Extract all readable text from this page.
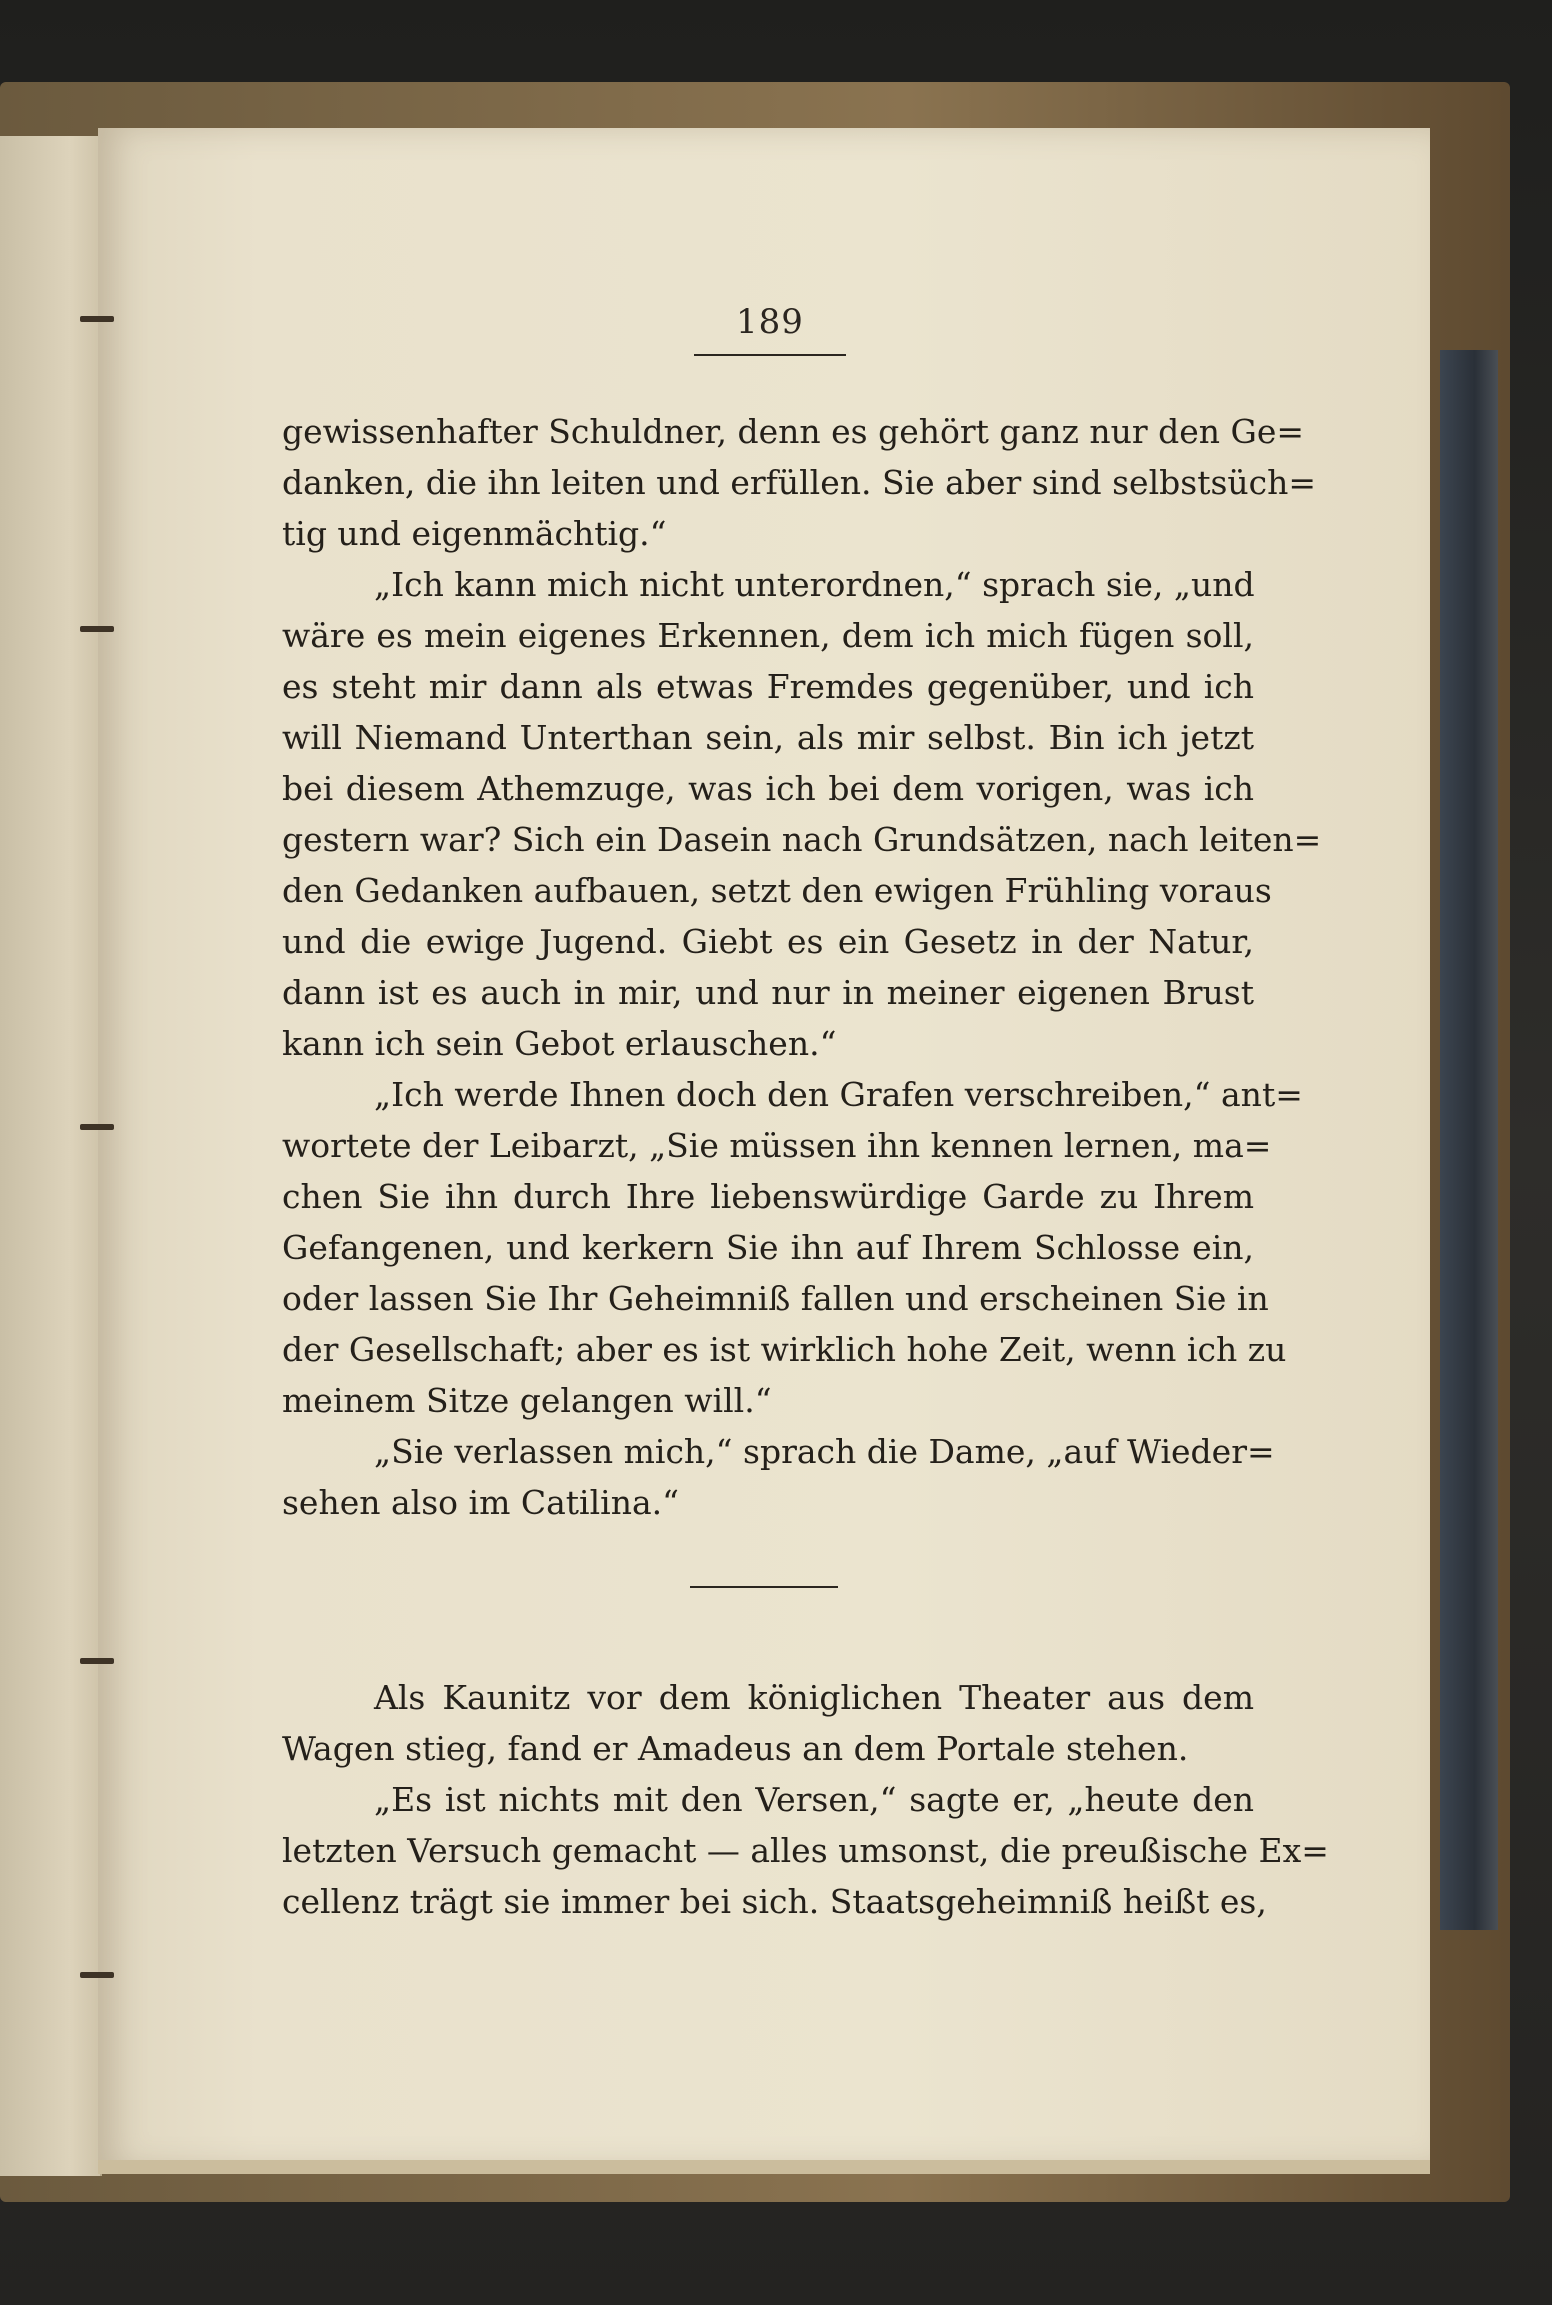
189
gewissenhafter Schuldner, denn es gehört ganz nur den Ge=
danken, die ihn leiten und erfüllen. Sie aber sind selbstsüch=
tig und eigenmächtig.“
„Ich kann mich nicht unterordnen,“ sprach sie, „und
wäre es mein eigenes Erkennen, dem ich mich fügen soll,
es steht mir dann als etwas Fremdes gegenüber, und ich
will Niemand Unterthan sein, als mir selbst. Bin ich jetzt
bei diesem Athemzuge, was ich bei dem vorigen, was ich
gestern war? Sich ein Dasein nach Grundsätzen, nach leiten=
den Gedanken aufbauen, setzt den ewigen Frühling voraus
und die ewige Jugend. Giebt es ein Gesetz in der Natur,
dann ist es auch in mir, und nur in meiner eigenen Brust
kann ich sein Gebot erlauschen.“
„Ich werde Ihnen doch den Grafen verschreiben,“ ant=
wortete der Leibarzt, „Sie müssen ihn kennen lernen, ma=
chen Sie ihn durch Ihre liebenswürdige Garde zu Ihrem
Gefangenen, und kerkern Sie ihn auf Ihrem Schlosse ein,
oder lassen Sie Ihr Geheimniß fallen und erscheinen Sie in
der Gesellschaft; aber es ist wirklich hohe Zeit, wenn ich zu
meinem Sitze gelangen will.“
„Sie verlassen mich,“ sprach die Dame, „auf Wieder=
sehen also im Catilina.“
Als Kaunitz vor dem königlichen Theater aus dem
Wagen stieg, fand er Amadeus an dem Portale stehen.
„Es ist nichts mit den Versen,“ sagte er, „heute den
letzten Versuch gemacht — alles umsonst, die preußische Ex=
cellenz trägt sie immer bei sich. Staatsgeheimniß heißt es,
